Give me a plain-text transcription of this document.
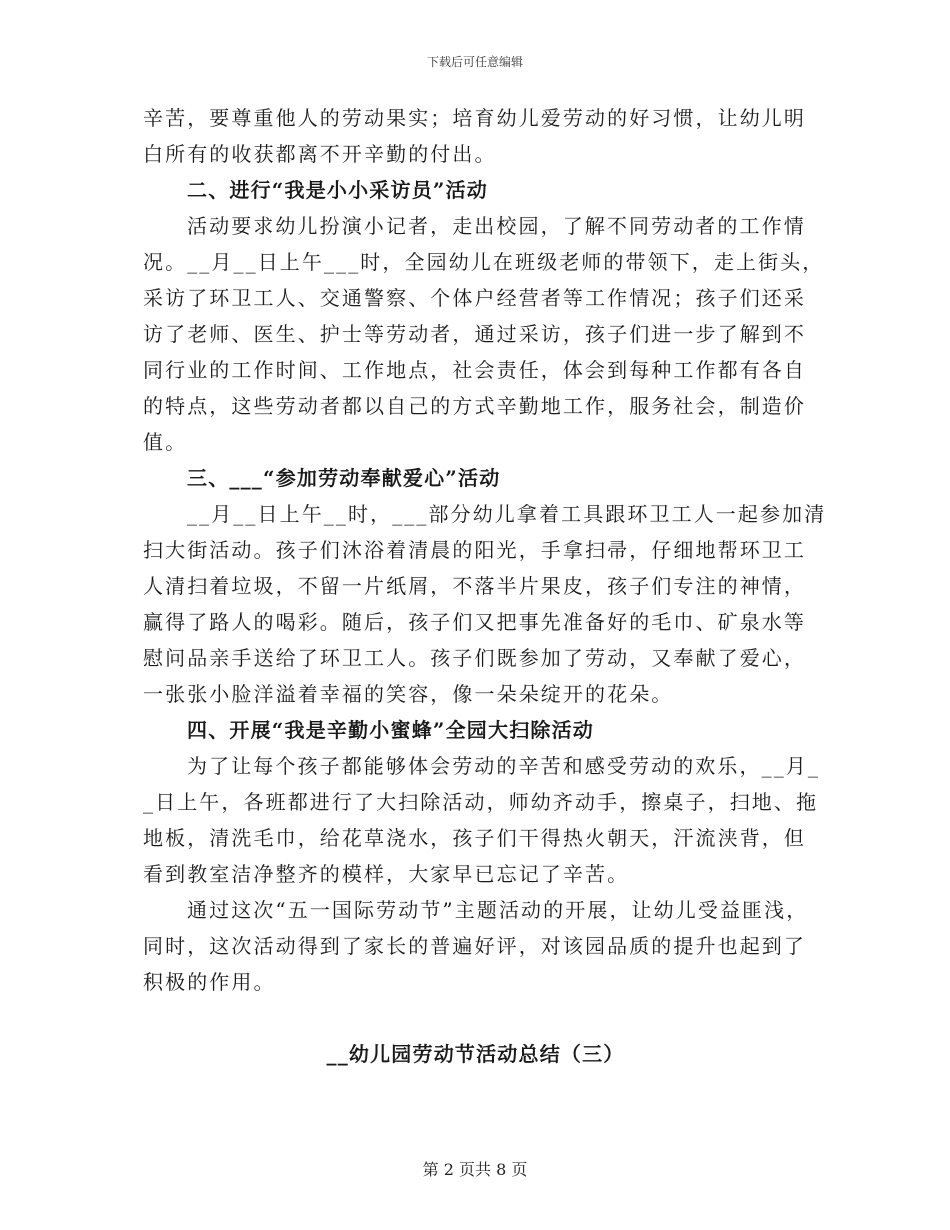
下载后可任意编辑
辛苦，要尊重他人的劳动果实；培育幼儿爱劳动的好习惯，让幼儿明
白所有的收获都离不开辛勤的付出。
二、进行“我是小小采访员”活动
活动要求幼儿扮演小记者，走出校园，了解不同劳动者的工作情
况。__月__日上午___时，全园幼儿在班级老师的带领下，走上街头，
采访了环卫工人、交通警察、个体户经营者等工作情况；孩子们还采
访了老师、医生、护士等劳动者，通过采访，孩子们进一步了解到不
同行业的工作时间、工作地点，社会责任，体会到每种工作都有各自
的特点，这些劳动者都以自己的方式辛勤地工作，服务社会，制造价
值。
三、___“参加劳动奉献爱心”活动
__月__日上午__时，___部分幼儿拿着工具跟环卫工人一起参加清
扫大街活动。孩子们沐浴着清晨的阳光，手拿扫帚，仔细地帮环卫工
人清扫着垃圾，不留一片纸屑，不落半片果皮，孩子们专注的神情，
赢得了路人的喝彩。随后，孩子们又把事先准备好的毛巾、矿泉水等
慰问品亲手送给了环卫工人。孩子们既参加了劳动，又奉献了爱心，
一张张小脸洋溢着幸福的笑容，像一朵朵绽开的花朵。
四、开展“我是辛勤小蜜蜂”全园大扫除活动
为了让每个孩子都能够体会劳动的辛苦和感受劳动的欢乐，__月_
_日上午，各班都进行了大扫除活动，师幼齐动手，擦桌子，扫地、拖
地板，清洗毛巾，给花草浇水，孩子们干得热火朝天，汗流浃背，但
看到教室洁净整齐的模样，大家早已忘记了辛苦。
通过这次“五一国际劳动节”主题活动的开展，让幼儿受益匪浅，
同时，这次活动得到了家长的普遍好评，对该园品质的提升也起到了
积极的作用。
__幼儿园劳动节活动总结（三）
第 2 页共 8 页
